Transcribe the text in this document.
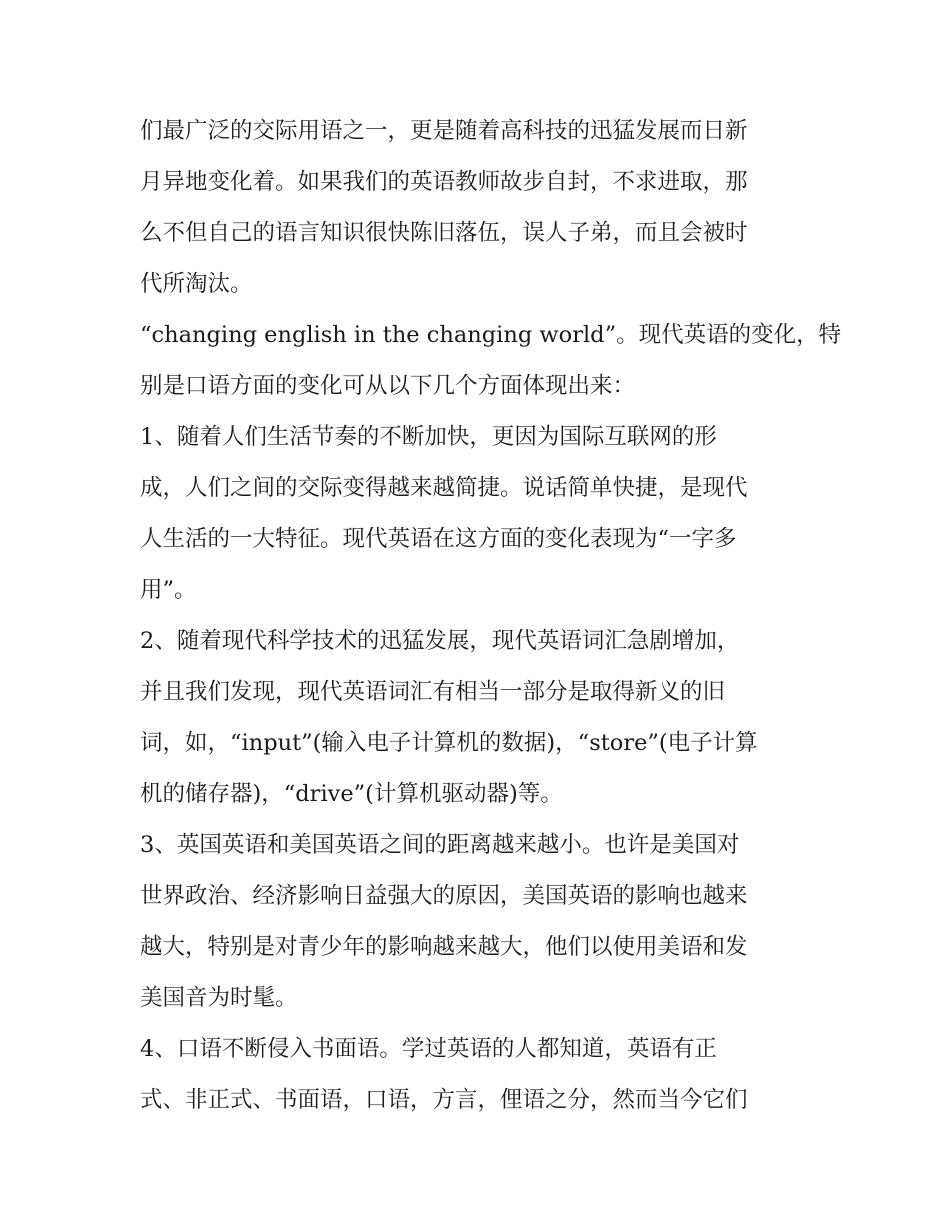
们最广泛的交际用语之一，更是随着高科技的迅猛发展而日新
月异地变化着。如果我们的英语教师故步自封，不求进取，那
么不但自己的语言知识很快陈旧落伍，误人子弟，而且会被时
代所淘汰。
“changing english in the changing world”。现代英语的变化，特
别是口语方面的变化可从以下几个方面体现出来：
1、随着人们生活节奏的不断加快，更因为国际互联网的形
成，人们之间的交际变得越来越简捷。说话简单快捷，是现代
人生活的一大特征。现代英语在这方面的变化表现为“一字多
用”。
2、随着现代科学技术的迅猛发展，现代英语词汇急剧增加，
并且我们发现，现代英语词汇有相当一部分是取得新义的旧
词，如，“input”(输入电子计算机的数据)，“store”(电子计算
机的储存器)，“drive”(计算机驱动器)等。
3、英国英语和美国英语之间的距离越来越小。也许是美国对
世界政治、经济影响日益强大的原因，美国英语的影响也越来
越大，特别是对青少年的影响越来越大，他们以使用美语和发
美国音为时髦。
4、口语不断侵入书面语。学过英语的人都知道，英语有正
式、非正式、书面语，口语，方言，俚语之分，然而当今它们
